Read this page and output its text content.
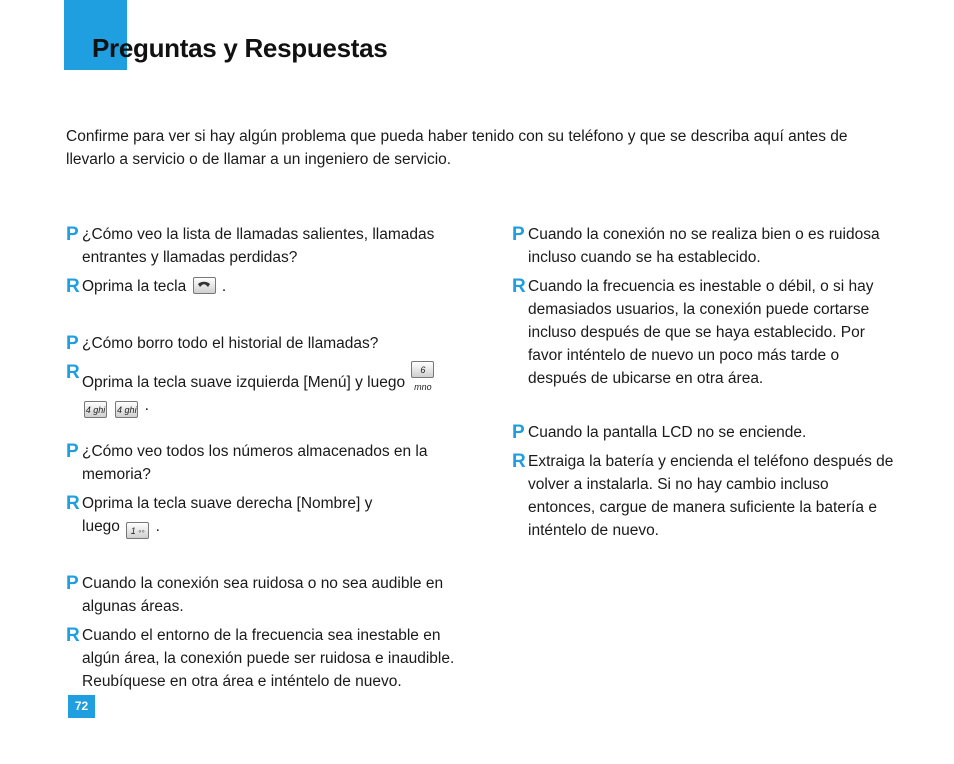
Preguntas y Respuestas

Confirme para ver si hay algún problema que pueda haber tenido con su teléfono y que se describa aquí antes de llevarlo a servicio o de llamar a un ingeniero de servicio.

P ¿Cómo veo la lista de llamadas salientes, llamadas entrantes y llamadas perdidas?

R Oprima la tecla .

P ¿Cómo borro todo el historial de llamadas?

R Oprima la tecla suave izquierda [Menú] y luego 6 mno
4 ghi 4 ghi .

P ¿Cómo veo todos los números almacenados en la memoria?

R Oprima la tecla suave derecha [Nombre] y luego 1 ◦◦ .

P Cuando la conexión sea ruidosa o no sea audible en algunas áreas.

R Cuando el entorno de la frecuencia sea inestable en algún área, la conexión puede ser ruidosa e inaudible. Reubíquese en otra área e inténtelo de nuevo.

P Cuando la conexión no se realiza bien o es ruidosa incluso cuando se ha establecido.

R Cuando la frecuencia es inestable o débil, o si hay demasiados usuarios, la conexión puede cortarse incluso después de que se haya establecido. Por favor inténtelo de nuevo un poco más tarde o después de ubicarse en otra área.

P Cuando la pantalla LCD no se enciende.

R Extraiga la batería y encienda el teléfono después de volver a instalarla. Si no hay cambio incluso entonces, cargue de manera suficiente la batería e inténtelo de nuevo.

72
